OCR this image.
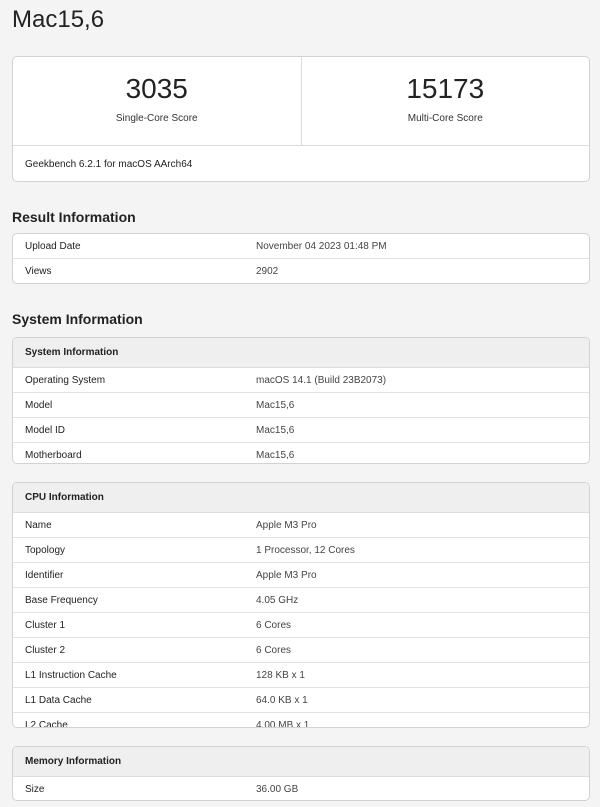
Mac15,6
3035
Single-Core Score
15173
Multi-Core Score
Geekbench 6.2.1 for macOS AArch64
Result Information
Upload Date	November 04 2023 01:48 PM
Views	2902
System Information
System Information
Operating System	macOS 14.1 (Build 23B2073)
Model	Mac15,6
Model ID	Mac15,6
Motherboard	Mac15,6
CPU Information
Name	Apple M3 Pro
Topology	1 Processor, 12 Cores
Identifier	Apple M3 Pro
Base Frequency	4.05 GHz
Cluster 1	6 Cores
Cluster 2	6 Cores
L1 Instruction Cache	128 KB x 1
L1 Data Cache	64.0 KB x 1
L2 Cache	4.00 MB x 1
Memory Information
Size	36.00 GB
